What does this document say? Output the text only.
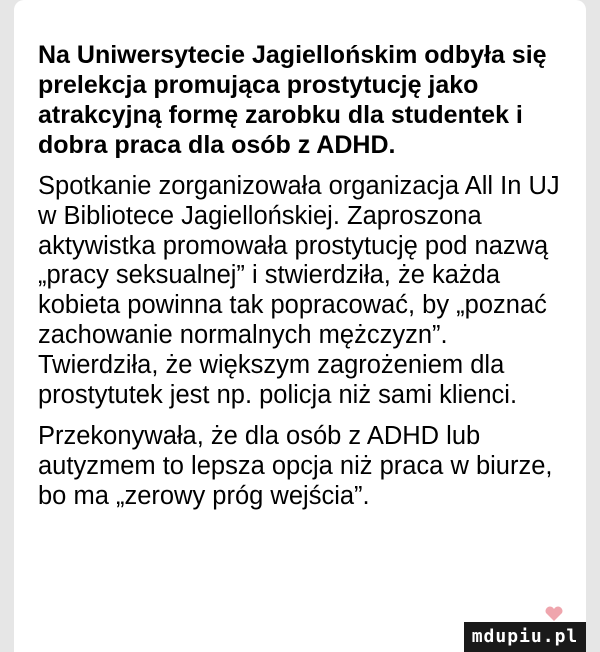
Na Uniwersytecie Jagiellońskim odbyła się prelekcja promująca prostytucję jako atrakcyjną formę zarobku dla studentek i dobra praca dla osób z ADHD.

Spotkanie zorganizowała organizacja All In UJ w Bibliotece Jagiellońskiej. Zaproszona aktywistka promowała prostytucję pod nazwą „pracy seksualnej” i stwierdziła, że każda kobieta powinna tak popracować, by „poznać zachowanie normalnych mężczyzn”. Twierdziła, że większym zagrożeniem dla prostytutek jest np. policja niż sami klienci.

Przekonywała, że dla osób z ADHD lub autyzmem to lepsza opcja niż praca w biurze, bo ma „zerowy próg wejścia”.

mdupiu.pl
